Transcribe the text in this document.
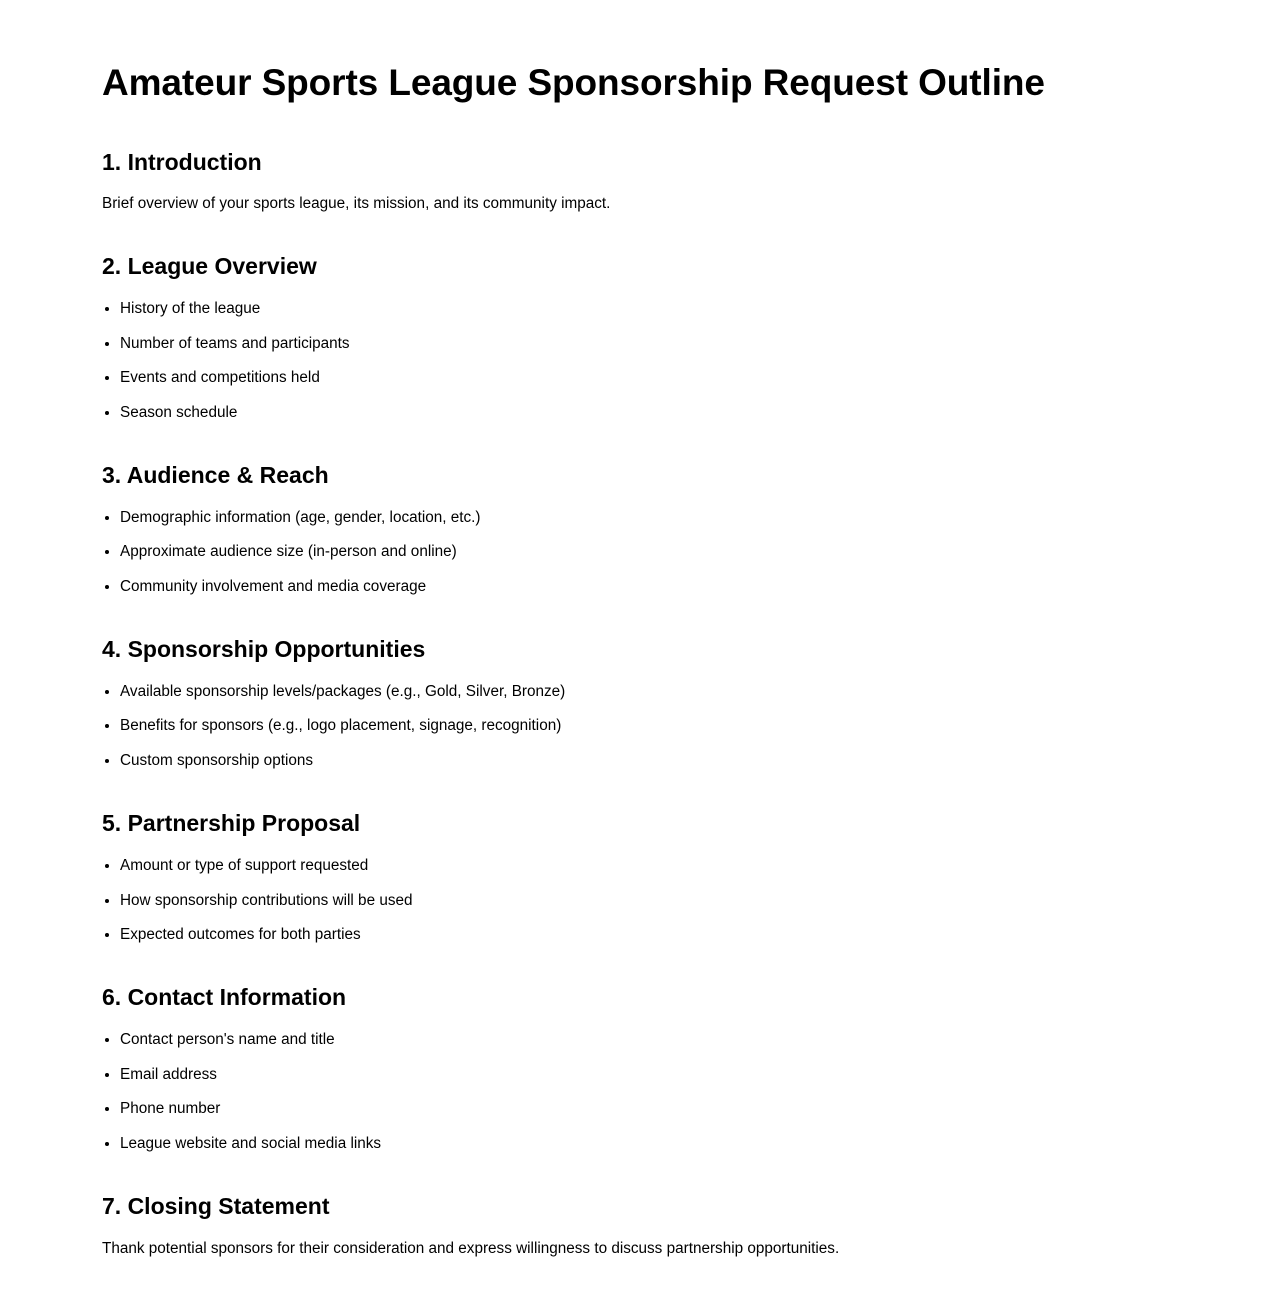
Amateur Sports League Sponsorship Request Outline
1. Introduction

Brief overview of your sports league, its mission, and its community impact.

2. League Overview
History of the league
Number of teams and participants
Events and competitions held
Season schedule
3. Audience & Reach
Demographic information (age, gender, location, etc.)
Approximate audience size (in-person and online)
Community involvement and media coverage
4. Sponsorship Opportunities
Available sponsorship levels/packages (e.g., Gold, Silver, Bronze)
Benefits for sponsors (e.g., logo placement, signage, recognition)
Custom sponsorship options
5. Partnership Proposal
Amount or type of support requested
How sponsorship contributions will be used
Expected outcomes for both parties
6. Contact Information
Contact person's name and title
Email address
Phone number
League website and social media links
7. Closing Statement

Thank potential sponsors for their consideration and express willingness to discuss partnership opportunities.
